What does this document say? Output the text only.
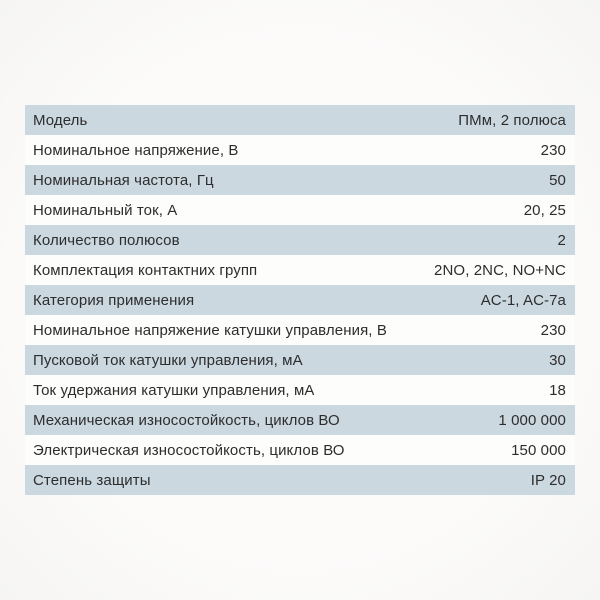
Модель	ПМм, 2 полюса
Номинальное напряжение, В	230
Номинальная частота, Гц	50
Номинальный ток, А	20, 25
Количество полюсов	2
Комплектация контактних групп	2NO, 2NC, NO+NC
Категория применения	AC-1, AC-7a
Номинальное напряжение катушки управления, В	230
Пусковой ток катушки управления, мА	30
Ток удержания катушки управления, мА	18
Механическая износостойкость, циклов ВО	1 000 000
Электрическая износостойкость, циклов ВО	150 000
Степень защиты	IP 20
